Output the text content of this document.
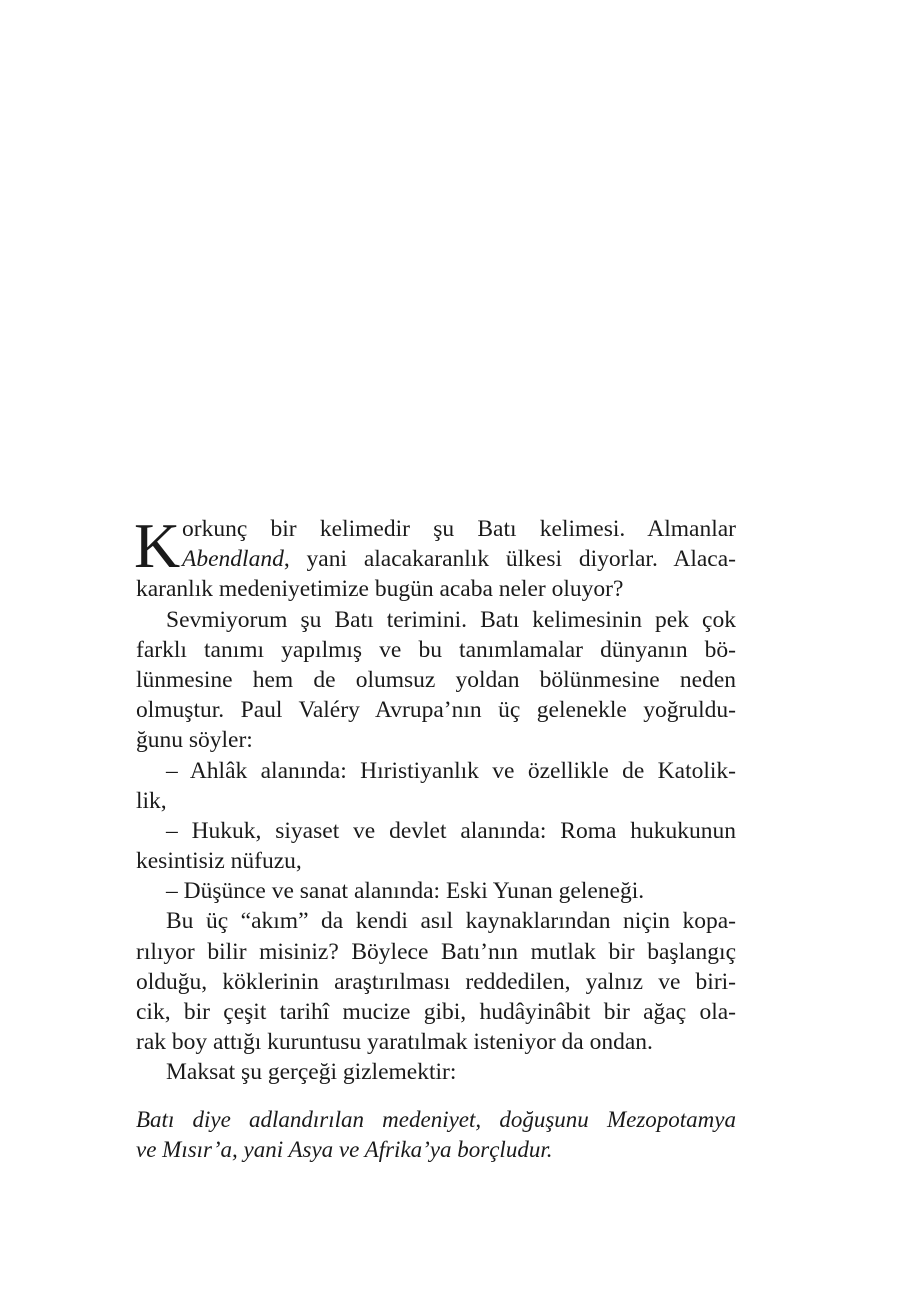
K orkunç bir kelimedir şu Batı kelimesi. Almanlar
Abendland, yani alacakaranlık ülkesi diyorlar. Alaca-
karanlık medeniyetimize bugün acaba neler oluyor?
Sevmiyorum şu Batı terimini. Batı kelimesinin pek çok
farklı tanımı yapılmış ve bu tanımlamalar dünyanın bö-
lünmesine hem de olumsuz yoldan bölünmesine neden
olmuştur. Paul Valéry Avrupa’nın üç gelenekle yoğruldu-
ğunu söyler:
– Ahlâk alanında: Hıristiyanlık ve özellikle de Katolik-
lik,
– Hukuk, siyaset ve devlet alanında: Roma hukukunun
kesintisiz nüfuzu,
– Düşünce ve sanat alanında: Eski Yunan geleneği.
Bu üç “akım” da kendi asıl kaynaklarından niçin kopa-
rılıyor bilir misiniz? Böylece Batı’nın mutlak bir başlangıç
olduğu, köklerinin araştırılması reddedilen, yalnız ve biri-
cik, bir çeşit tarihî mucize gibi, hudâyinâbit bir ağaç ola-
rak boy attığı kuruntusu yaratılmak isteniyor da ondan.
Maksat şu gerçeği gizlemektir:
Batı diye adlandırılan medeniyet, doğuşunu Mezopotamya
ve Mısır’a, yani Asya ve Afrika’ya borçludur.
